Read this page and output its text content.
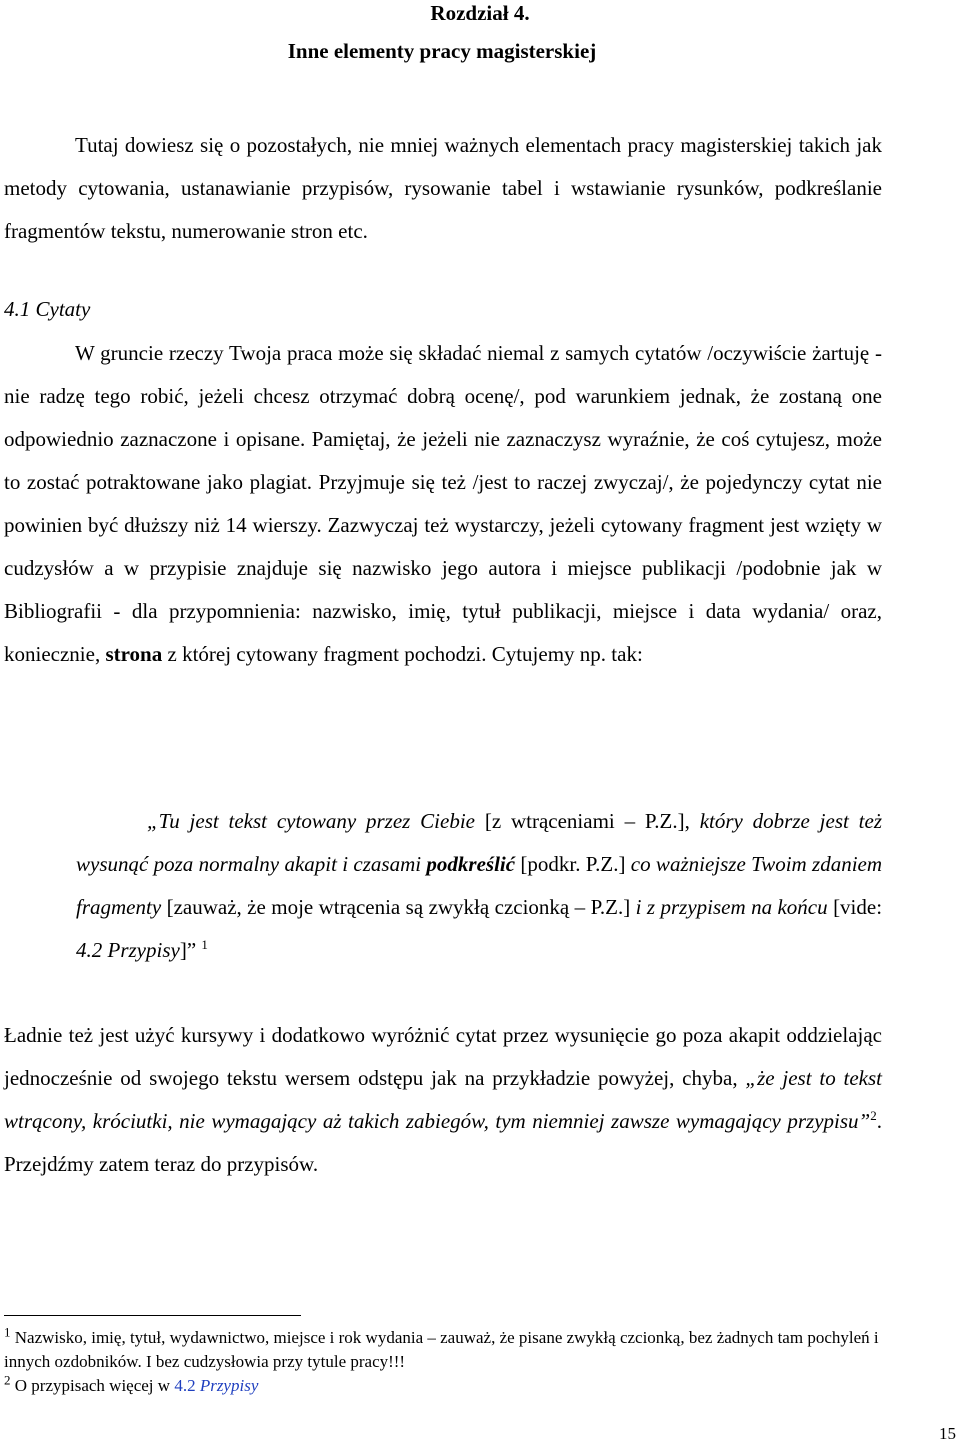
Rozdział 4.
Inne elementy pracy magisterskiej

Tutaj dowiesz się o pozostałych, nie mniej ważnych elementach pracy magisterskiej takich jak metody cytowania, ustanawianie przypisów, rysowanie tabel i wstawianie rysunków, podkreślanie fragmentów tekstu, numerowanie stron etc.

4.1 Cytaty

W gruncie rzeczy Twoja praca może się składać niemal z samych cytatów /oczywiście żartuję - nie radzę tego robić, jeżeli chcesz otrzymać dobrą ocenę/, pod warunkiem jednak, że zostaną one odpowiednio zaznaczone i opisane. Pamiętaj, że jeżeli nie zaznaczysz wyraźnie, że coś cytujesz, może to zostać potraktowane jako plagiat. Przyjmuje się też /jest to raczej zwyczaj/, że pojedynczy cytat nie powinien być dłuższy niż 14 wierszy. Zazwyczaj też wystarczy, jeżeli cytowany fragment jest wzięty w cudzysłów a w przypisie znajduje się nazwisko jego autora i miejsce publikacji /podobnie jak w Bibliografii - dla przypomnienia: nazwisko, imię, tytuł publikacji, miejsce i data wydania/ oraz, koniecznie, strona z której cytowany fragment pochodzi. Cytujemy np. tak:

„Tu jest tekst cytowany przez Ciebie [z wtrąceniami – P.Z.], który dobrze jest też wysunąć poza normalny akapit i czasami podkreślić [podkr. P.Z.] co ważniejsze Twoim zdaniem fragmenty [zauważ, że moje wtrącenia są zwykłą czcionką – P.Z.] i z przypisem na końcu [vide: 4.2 Przypisy]” $^1$

Ładnie też jest użyć kursywy i dodatkowo wyróżnić cytat przez wysunięcie go poza akapit oddzielając jednocześnie od swojego tekstu wersem odstępu jak na przykładzie powyżej, chyba, „że jest to tekst wtrącony, króciutki, nie wymagający aż takich zabiegów, tym niemniej zawsze wymagający przypisu”$^2$. Przejdźmy zatem teraz do przypisów.

$^1$ Nazwisko, imię, tytuł, wydawnictwo, miejsce i rok wydania – zauważ, że pisane zwykłą czcionką, bez żadnych tam pochyleń i innych ozdobników. I bez cudzysłowia przy tytule pracy!!!

$^2$ O przypisach więcej w 4.2 Przypisy

15
